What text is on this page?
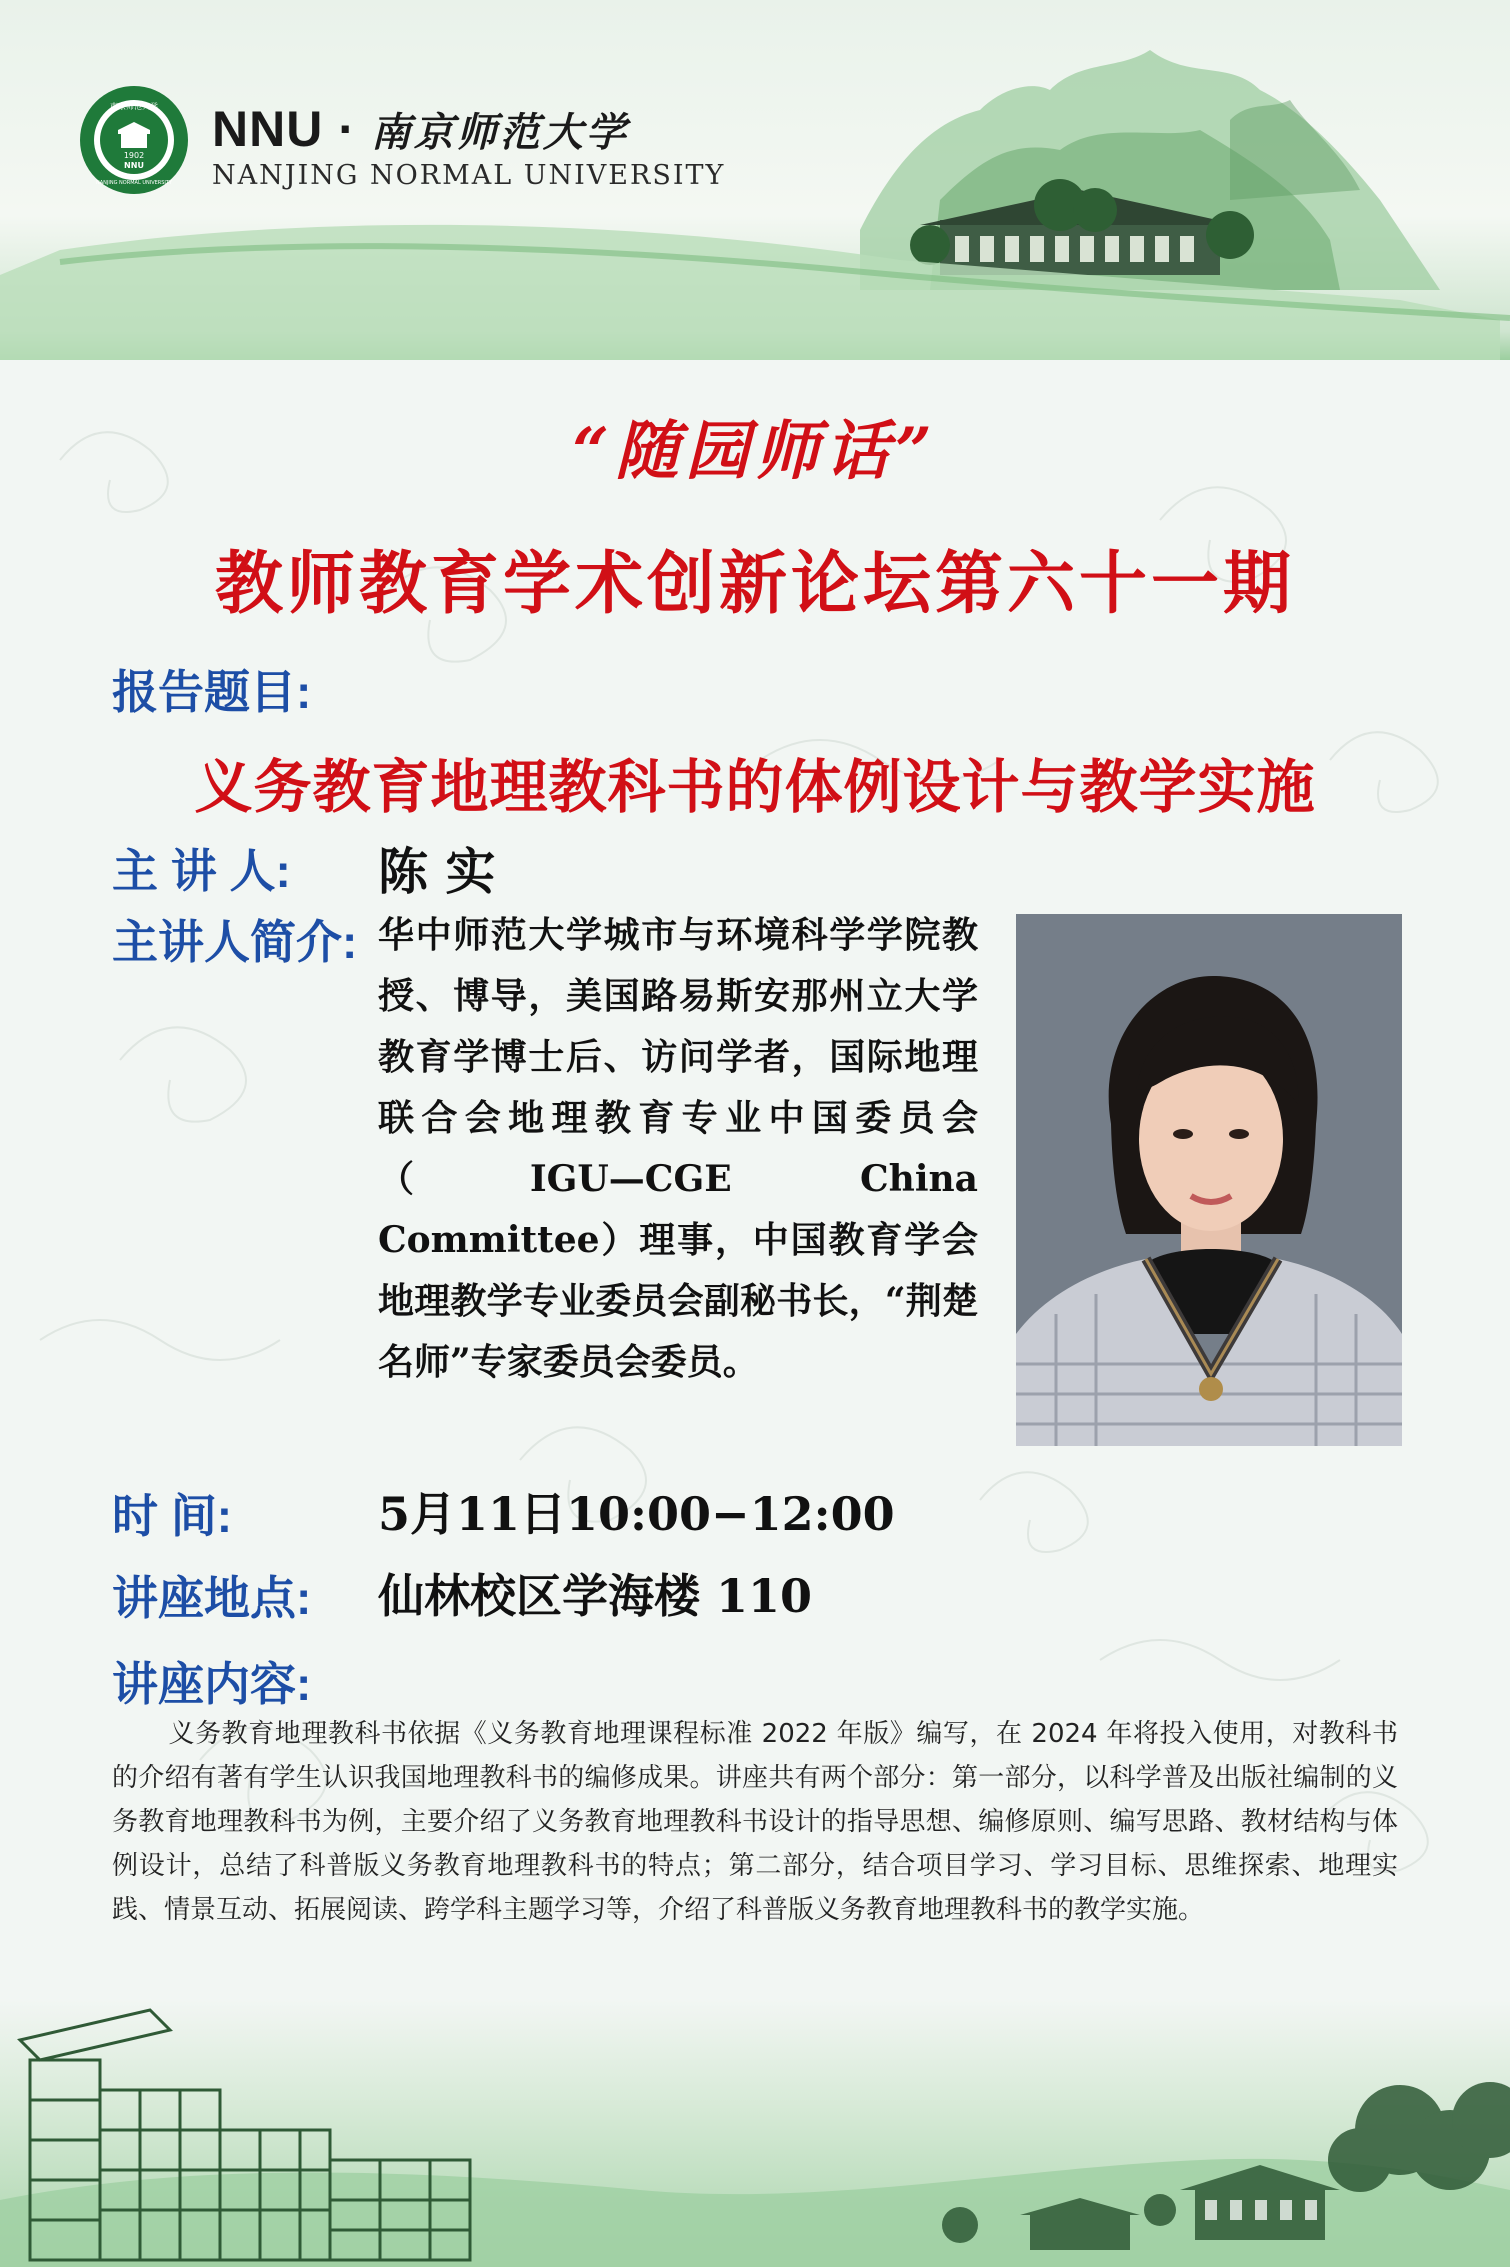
南京师范大学
1902
NNU
NANJING NORMAL UNIVERSITY
NNU · 南京师范大学
NANJING NORMAL UNIVERSITY
“随园师话”
教师教育学术创新论坛第六十一期
报告题目:
义务教育地理教科书的体例设计与教学实施
主 讲 人: 陈 实
主讲人简介: 华中师范大学城市与环境科学学院教授、博导，美国路易斯安那州立大学教育学博士后、访问学者，国际地理联合会地理教育专业中国委员会（IGU—CGE China Committee）理事，中国教育学会地理教学专业委员会副秘书长，“荆楚名师”专家委员会委员。
时 间:	5月11日10:00−12:00
讲座地点: 仙林校区学海楼 110
讲座内容:
义务教育地理教科书依据《义务教育地理课程标准 2022 年版》编写，在 2024 年将投入使用，对教科书的介绍有著有学生认识我国地理教科书的编修成果。讲座共有两个部分：第一部分，以科学普及出版社编制的义务教育地理教科书为例，主要介绍了义务教育地理教科书设计的指导思想、编修原则、编写思路、教材结构与体例设计，总结了科普版义务教育地理教科书的特点；第二部分，结合项目学习、学习目标、思维探索、地理实践、情景互动、拓展阅读、跨学科主题学习等，介绍了科普版义务教育地理教科书的教学实施。
